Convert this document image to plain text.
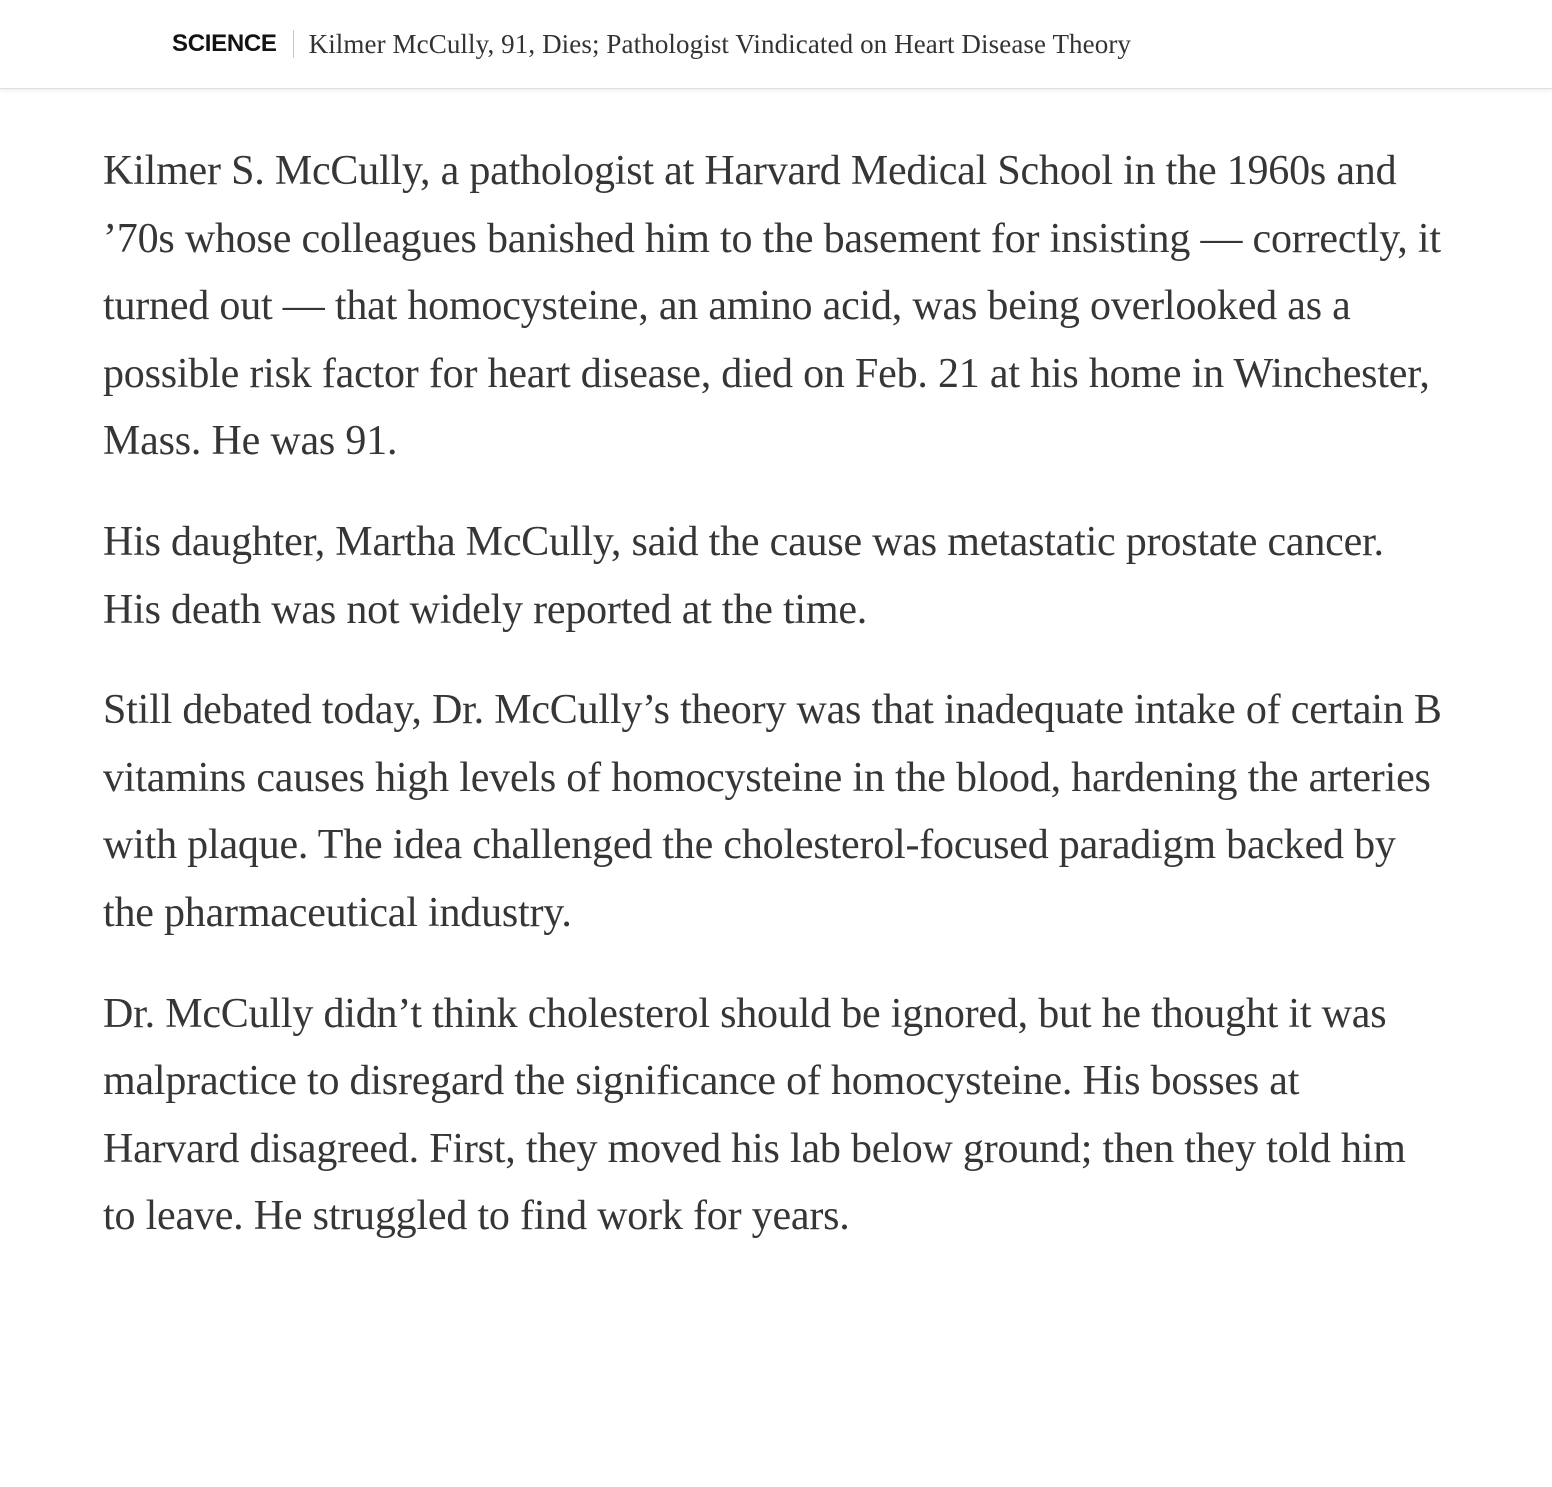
SCIENCE Kilmer McCully, 91, Dies; Pathologist Vindicated on Heart Disease Theory

Kilmer S. McCully, a pathologist at Harvard Medical School in the 1960s and ’70s whose colleagues banished him to the basement for insisting — correctly, it turned out — that homocysteine, an amino acid, was being overlooked as a possible risk factor for heart disease, died on Feb. 21 at his home in Winchester, Mass. He was 91.

His daughter, Martha McCully, said the cause was metastatic prostate cancer. His death was not widely reported at the time.

Still debated today, Dr. McCully’s theory was that inadequate intake of certain B vitamins causes high levels of homocysteine in the blood, hardening the arteries with plaque. The idea challenged the cholesterol-focused paradigm backed by the pharmaceutical industry.

Dr. McCully didn’t think cholesterol should be ignored, but he thought it was malpractice to disregard the significance of homocysteine. His bosses at Harvard disagreed. First, they moved his lab below ground; then they told him to leave. He struggled to find work for years.
